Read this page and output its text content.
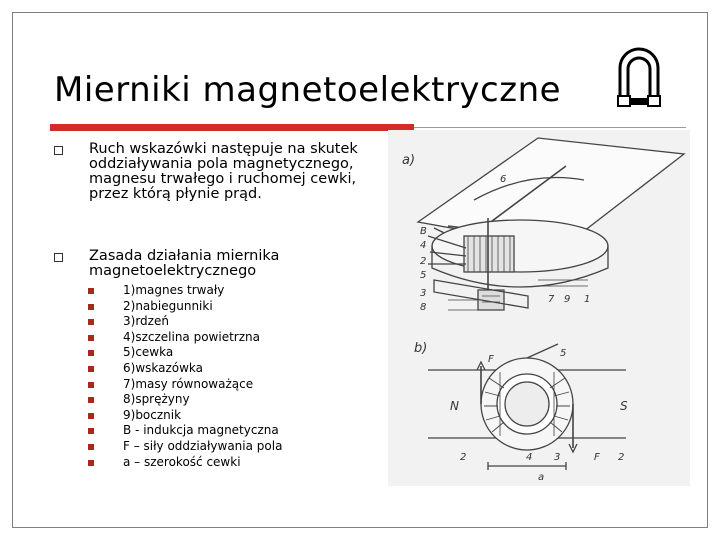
Mierniki magnetoelektryczne
Ruch wskazówki następuje na skutek oddziaływania pola magnetycznego, magnesu trwałego i ruchomej cewki, przez którą płynie prąd.
Zasada działania miernika magnetoelektrycznego
1)magnes trwały
2)nabiegunniki
3)rdzeń
4)szczelina powietrzna
5)cewka
6)wskazówka
7)masy równoważące
8)sprężyny
9)bocznik
B - indukcja magnetyczna
F – siły oddziaływania pola
a – szerokość cewki
a)
b)
6
B
4
2
5
3
8
7 9 1
F
5
N	S
2	4 3	F 2
a
